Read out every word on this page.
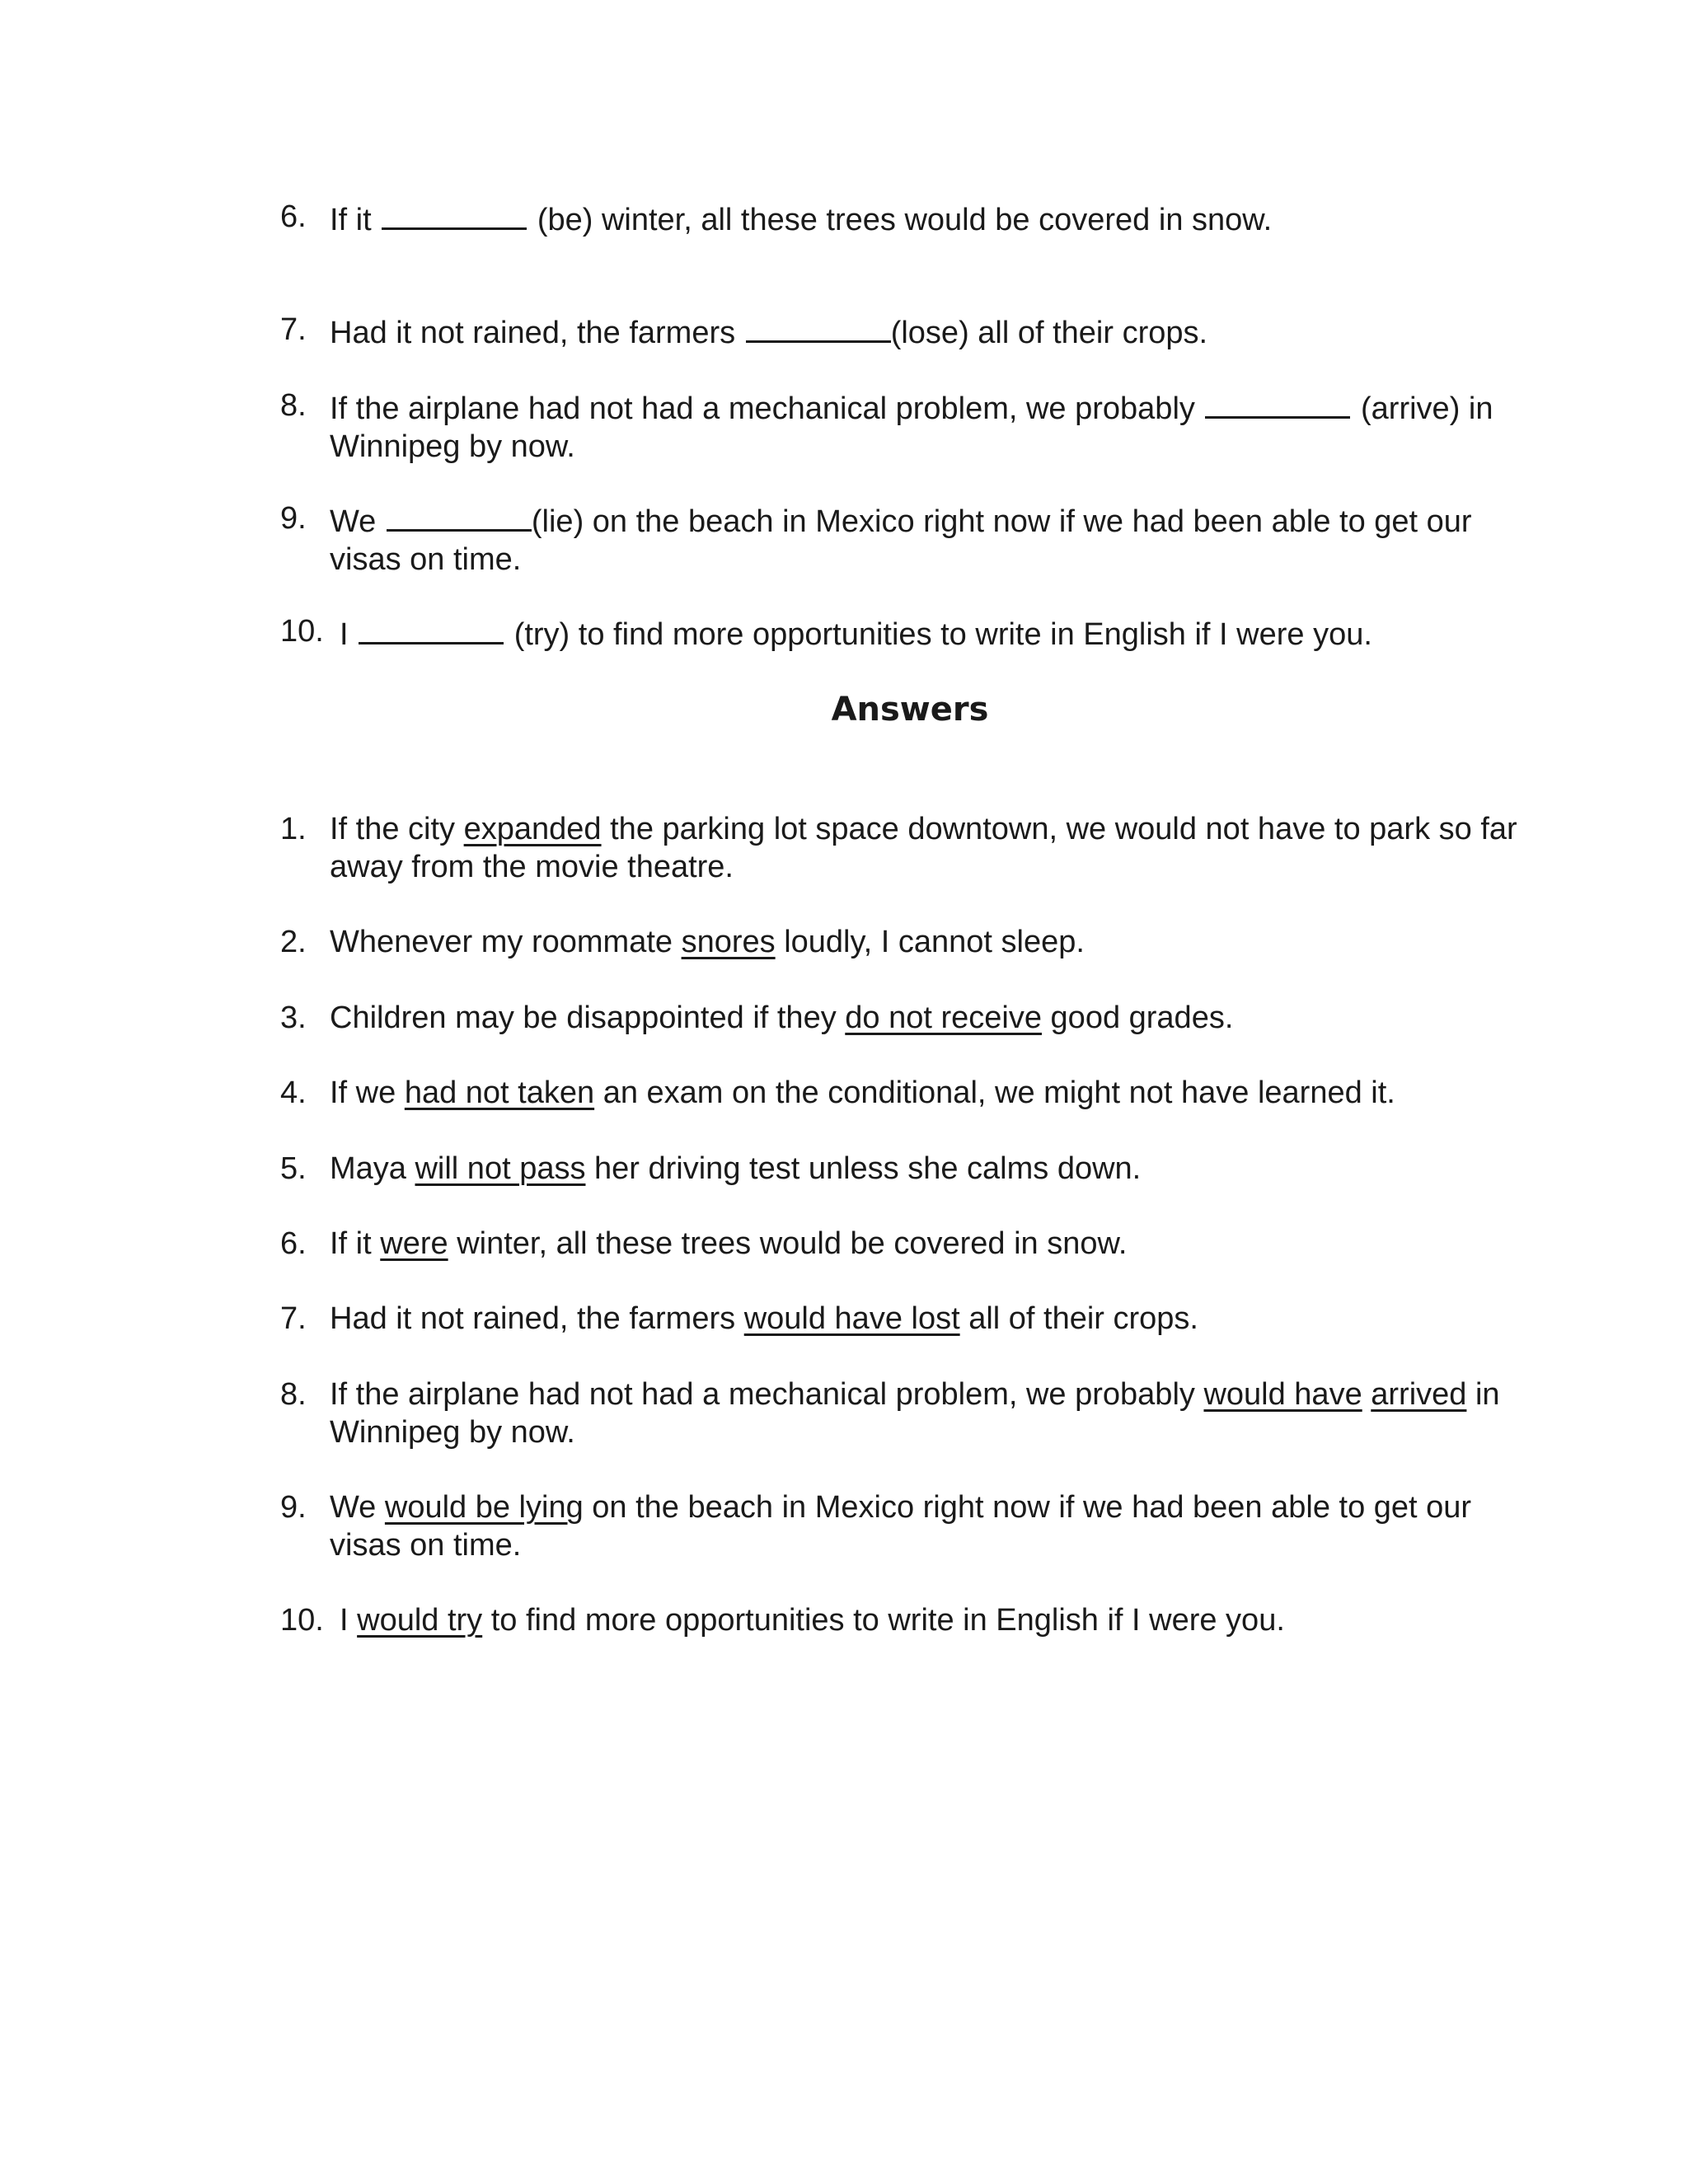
6. If it	(be) winter, all these trees would be covered in snow.
7. Had it not rained, the farmers	(lose) all of their crops.
8. If the airplane had not had a mechanical problem, we probably	(arrive) in Winnipeg by now.
9. We	(lie) on the beach in Mexico right now if we had been able to get our visas on time.
10. I	(try) to find more opportunities to write in English if I were you.
Answers
1. If the city expanded the parking lot space downtown, we would not have to park so far away from the movie theatre.
2. Whenever my roommate snores loudly, I cannot sleep.
3. Children may be disappointed if they do not receive good grades.
4. If we had not taken an exam on the conditional, we might not have learned it.
5. Maya will not pass her driving test unless she calms down.
6. If it were winter, all these trees would be covered in snow.
7. Had it not rained, the farmers would have lost all of their crops.
8. If the airplane had not had a mechanical problem, we probably would have arrived in Winnipeg by now.
9. We would be lying on the beach in Mexico right now if we had been able to get our visas on time.
10. I would try to find more opportunities to write in English if I were you.
